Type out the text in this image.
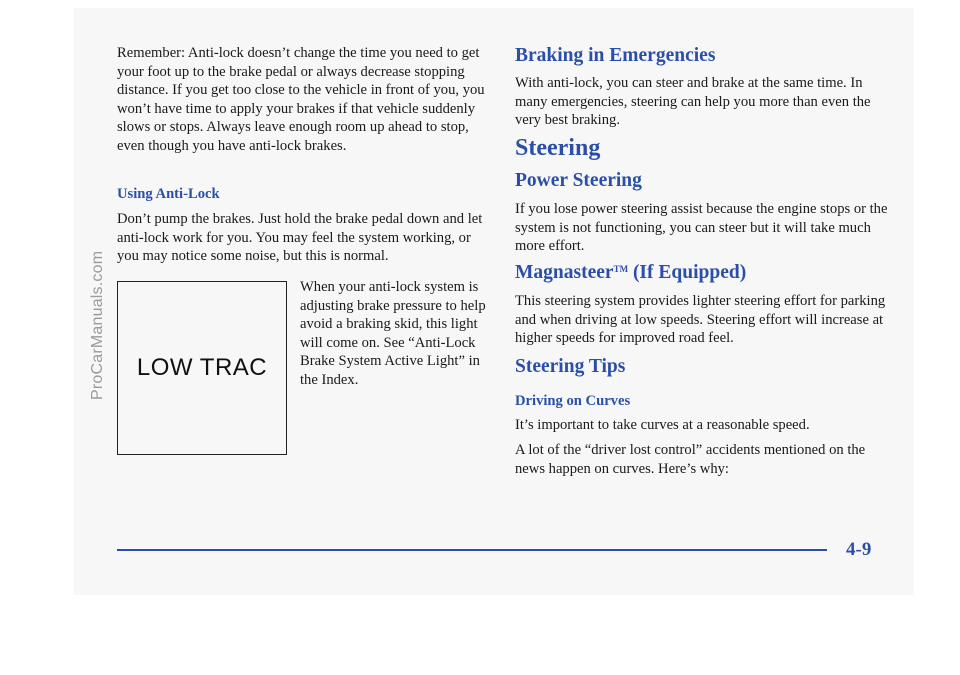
ProCarManuals.com

Remember: Anti-lock doesn’t change the time you need to get your foot up to the brake pedal or always decrease stopping distance. If you get too close to the vehicle in front of you, you won’t have time to apply your brakes if that vehicle suddenly slows or stops. Always leave enough room up ahead to stop, even though you have anti-lock brakes.

Using Anti-Lock

Don’t pump the brakes. Just hold the brake pedal down and let anti-lock work for you. You may feel the system working, or you may notice some noise, but this is normal.

LOW TRAC

When your anti-lock system is adjusting brake pressure to help avoid a braking skid, this light will come on. See “Anti-Lock Brake System Active Light” in the Index.

Braking in Emergencies

With anti-lock, you can steer and brake at the same time. In many emergencies, steering can help you more than even the very best braking.

Steering
Power Steering

If you lose power steering assist because the engine stops or the system is not functioning, you can steer but it will take much more effort.

Magnasteer™ (If Equipped)

This steering system provides lighter steering effort for parking and when driving at low speeds. Steering effort will increase at higher speeds for improved road feel.

Steering Tips
Driving on Curves

It’s important to take curves at a reasonable speed.

A lot of the “driver lost control” accidents mentioned on the news happen on curves. Here’s why:

4-9
